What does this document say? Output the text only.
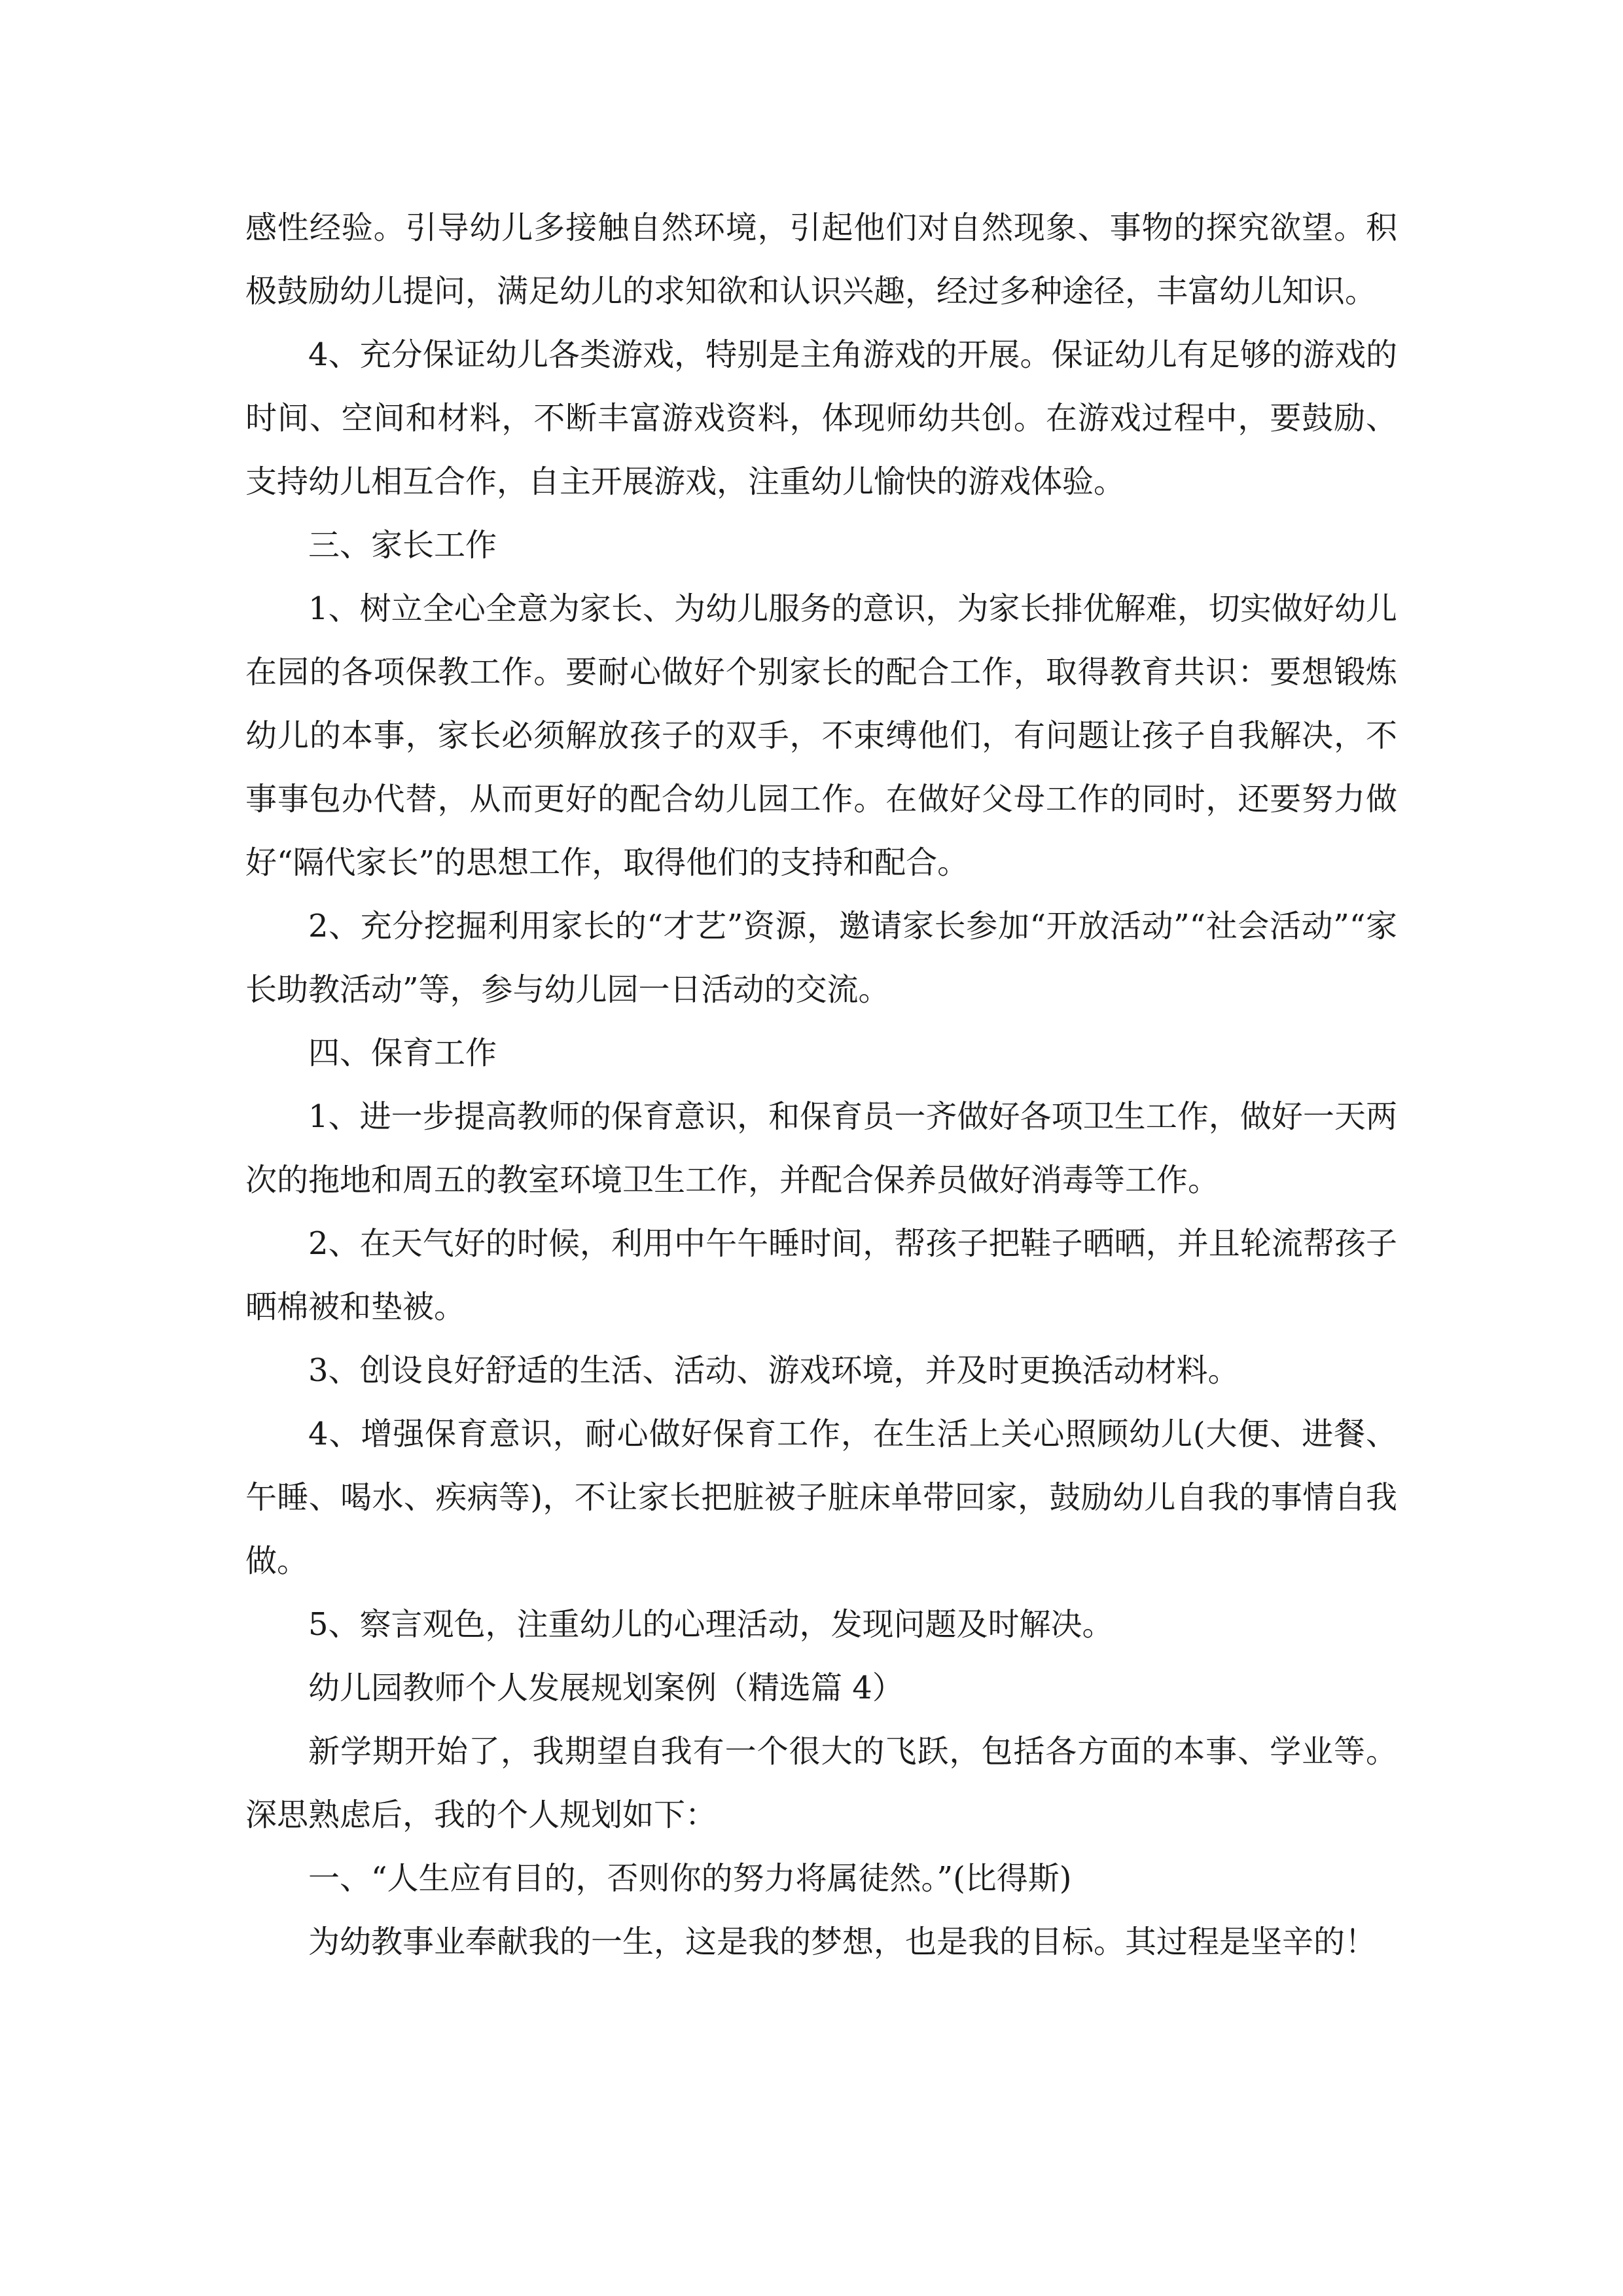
感性经验。引导幼儿多接触自然环境，引起他们对自然现象、事物的探究欲望。积极鼓励幼儿提问，满足幼儿的求知欲和认识兴趣，经过多种途径，丰富幼儿知识。

4、充分保证幼儿各类游戏，特别是主角游戏的开展。保证幼儿有足够的游戏的时间、空间和材料，不断丰富游戏资料，体现师幼共创。在游戏过程中，要鼓励、支持幼儿相互合作，自主开展游戏，注重幼儿愉快的游戏体验。

三、家长工作

1、树立全心全意为家长、为幼儿服务的意识，为家长排优解难，切实做好幼儿在园的各项保教工作。要耐心做好个别家长的配合工作，取得教育共识：要想锻炼幼儿的本事，家长必须解放孩子的双手，不束缚他们，有问题让孩子自我解决，不事事包办代替，从而更好的配合幼儿园工作。在做好父母工作的同时，还要努力做好“隔代家长”的思想工作，取得他们的支持和配合。

2、充分挖掘利用家长的“才艺”资源，邀请家长参加“开放活动”“社会活动”“家长助教活动”等，参与幼儿园一日活动的交流。

四、保育工作

1、进一步提高教师的保育意识，和保育员一齐做好各项卫生工作，做好一天两次的拖地和周五的教室环境卫生工作，并配合保养员做好消毒等工作。

2、在天气好的时候，利用中午午睡时间，帮孩子把鞋子晒晒，并且轮流帮孩子晒棉被和垫被。

3、创设良好舒适的生活、活动、游戏环境，并及时更换活动材料。

4、增强保育意识，耐心做好保育工作，在生活上关心照顾幼儿(大便、进餐、午睡、喝水、疾病等)，不让家长把脏被子脏床单带回家，鼓励幼儿自我的事情自我做。

5、察言观色，注重幼儿的心理活动，发现问题及时解决。

幼儿园教师个人发展规划案例（精选篇 4）

新学期开始了，我期望自我有一个很大的飞跃，包括各方面的本事、学业等。深思熟虑后，我的个人规划如下：

一、“人生应有目的，否则你的努力将属徒然。”(比得斯)

为幼教事业奉献我的一生，这是我的梦想，也是我的目标。其过程是坚辛的！
